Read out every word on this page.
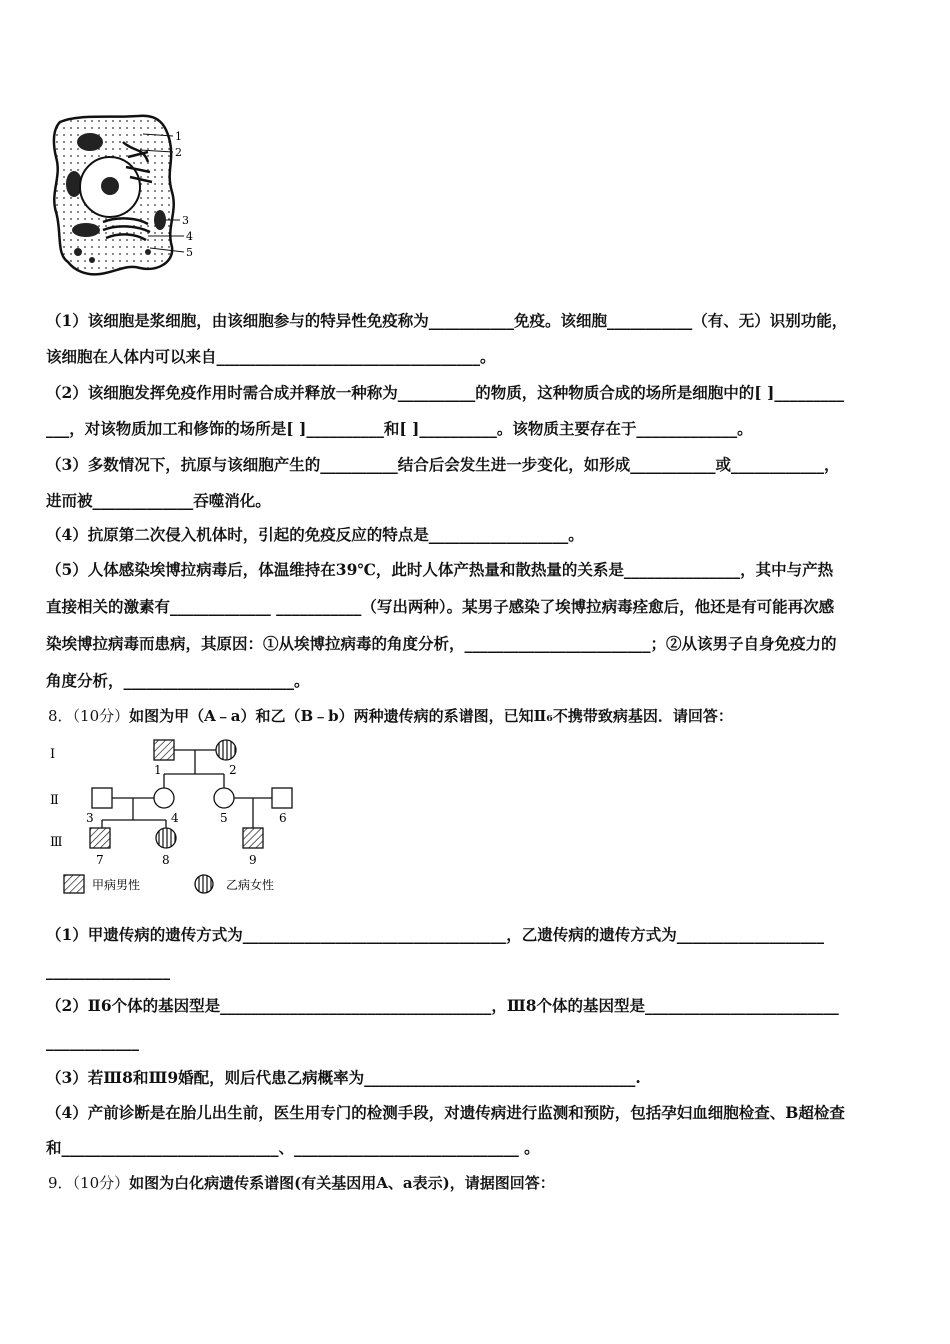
1
2
3
4
5
（1）该细胞是浆细胞，由该细胞参与的特异性免疫称为___________免疫。该细胞___________（有、无）识别功能，
该细胞在人体内可以来自__________________________________。
（2）该细胞发挥免疫作用时需合成并释放一种称为__________的物质，这种物质合成的场所是细胞中的[ ]_________
___，对该物质加工和修饰的场所是[ ]__________和[ ]__________。该物质主要存在于_____________。
（3）多数情况下，抗原与该细胞产生的__________结合后会发生进一步变化，如形成___________或____________，
进而被_____________吞噬消化。
（4）抗原第二次侵入机体时，引起的免疫反应的特点是__________________。
（5）人体感染埃博拉病毒后，体温维持在39℃，此时人体产热量和散热量的关系是_______________，其中与产热
直接相关的激素有_____________ ___________（写出两种）。某男子感染了埃博拉病毒痊愈后，他还是有可能再次感
染埃博拉病毒而患病，其原因：①从埃博拉病毒的角度分析，________________________；②从该男子自身免疫力的
角度分析，______________________。
8．（10分）如图为甲（A﹣a）和乙（B﹣b）两种遗传病的系谱图，已知Ⅱ₆不携带致病基因．请回答：
Ⅰ
Ⅱ
Ⅲ
1	2
3	4	5	6
7	8	9
甲病男性	乙病女性
（1）甲遗传病的遗传方式为__________________________________，乙遗传病的遗传方式为___________________
________________
（2）Ⅱ6个体的基因型是___________________________________，Ⅲ8个体的基因型是_________________________
____________
（3）若Ⅲ8和Ⅲ9婚配，则后代患乙病概率为___________________________________.
（4）产前诊断是在胎儿出生前，医生用专门的检测手段，对遗传病进行监测和预防，包括孕妇血细胞检查、B超检查
和____________________________、_____________________________ 。
9．（10分）如图为白化病遗传系谱图(有关基因用A、a表示)，请据图回答：
